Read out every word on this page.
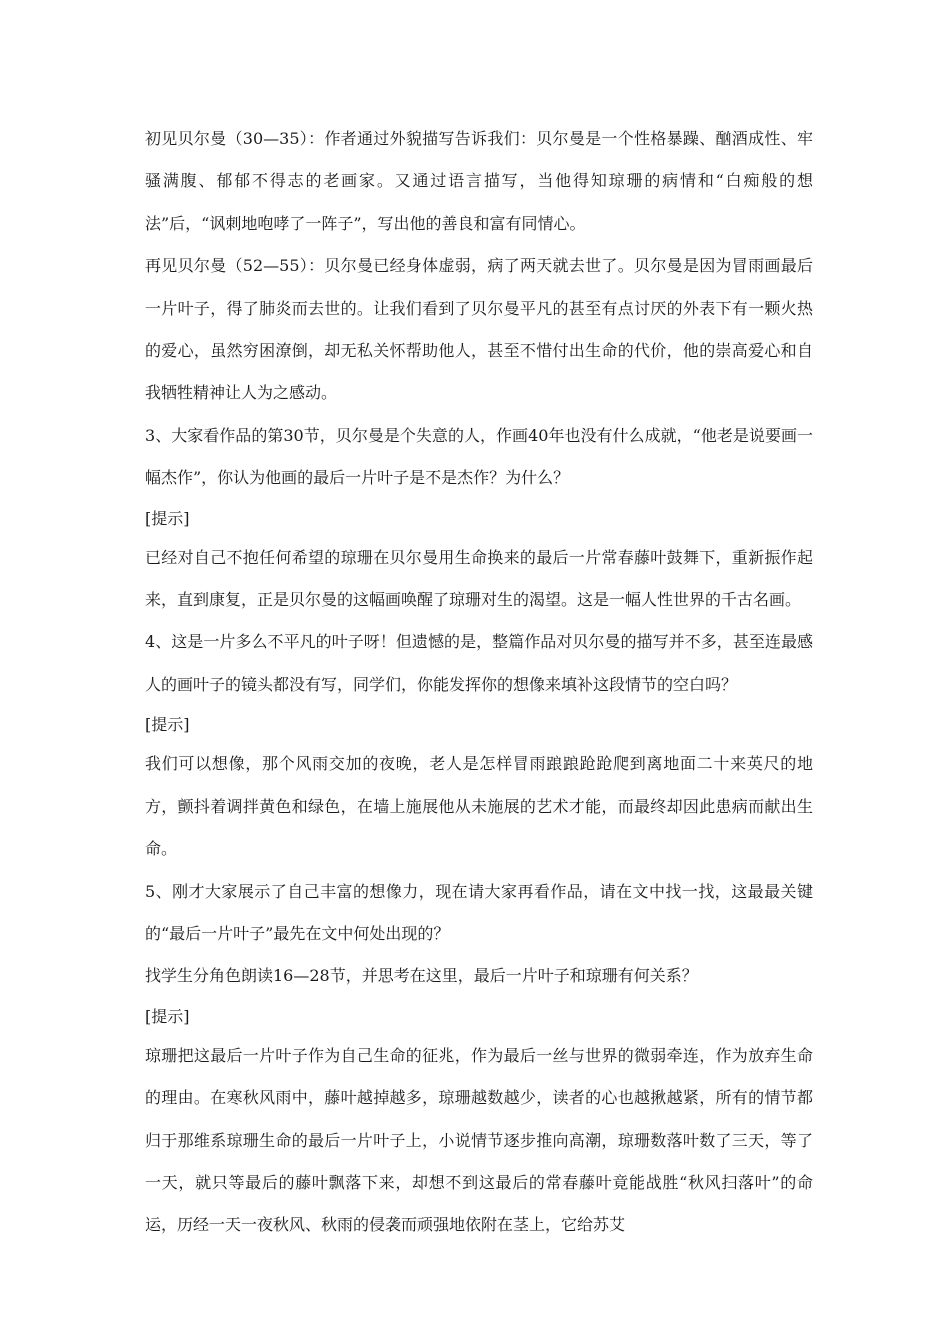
初见贝尔曼（30—35）：作者通过外貌描写告诉我们：贝尔曼是一个性格暴躁、酗酒成性、牢骚满腹、郁郁不得志的老画家。又通过语言描写，当他得知琼珊的病情和“白痴般的想法”后，“讽刺地咆哮了一阵子”，写出他的善良和富有同情心。

再见贝尔曼（52—55）：贝尔曼已经身体虚弱，病了两天就去世了。贝尔曼是因为冒雨画最后一片叶子，得了肺炎而去世的。让我们看到了贝尔曼平凡的甚至有点讨厌的外表下有一颗火热的爱心，虽然穷困潦倒，却无私关怀帮助他人，甚至不惜付出生命的代价，他的崇高爱心和自我牺牲精神让人为之感动。

3、大家看作品的第30节，贝尔曼是个失意的人，作画40年也没有什么成就，“他老是说要画一幅杰作”，你认为他画的最后一片叶子是不是杰作？为什么？

[提示]

已经对自己不抱任何希望的琼珊在贝尔曼用生命换来的最后一片常春藤叶鼓舞下，重新振作起来，直到康复，正是贝尔曼的这幅画唤醒了琼珊对生的渴望。这是一幅人性世界的千古名画。

4、这是一片多么不平凡的叶子呀！但遗憾的是，整篇作品对贝尔曼的描写并不多，甚至连最感人的画叶子的镜头都没有写，同学们，你能发挥你的想像来填补这段情节的空白吗？

[提示]

我们可以想像，那个风雨交加的夜晚，老人是怎样冒雨踉踉跄跄爬到离地面二十来英尺的地方，颤抖着调拌黄色和绿色，在墙上施展他从未施展的艺术才能，而最终却因此患病而献出生命。

5、刚才大家展示了自己丰富的想像力，现在请大家再看作品，请在文中找一找，这最最关键的“最后一片叶子”最先在文中何处出现的？

找学生分角色朗读16—28节，并思考在这里，最后一片叶子和琼珊有何关系？

[提示]

琼珊把这最后一片叶子作为自己生命的征兆，作为最后一丝与世界的微弱牵连，作为放弃生命的理由。在寒秋风雨中，藤叶越掉越多，琼珊越数越少，读者的心也越揪越紧，所有的情节都归于那维系琼珊生命的最后一片叶子上，小说情节逐步推向高潮，琼珊数落叶数了三天，等了一天，就只等最后的藤叶飘落下来，却想不到这最后的常春藤叶竟能战胜“秋风扫落叶”的命运，历经一天一夜秋风、秋雨的侵袭而顽强地依附在茎上，它给苏艾
